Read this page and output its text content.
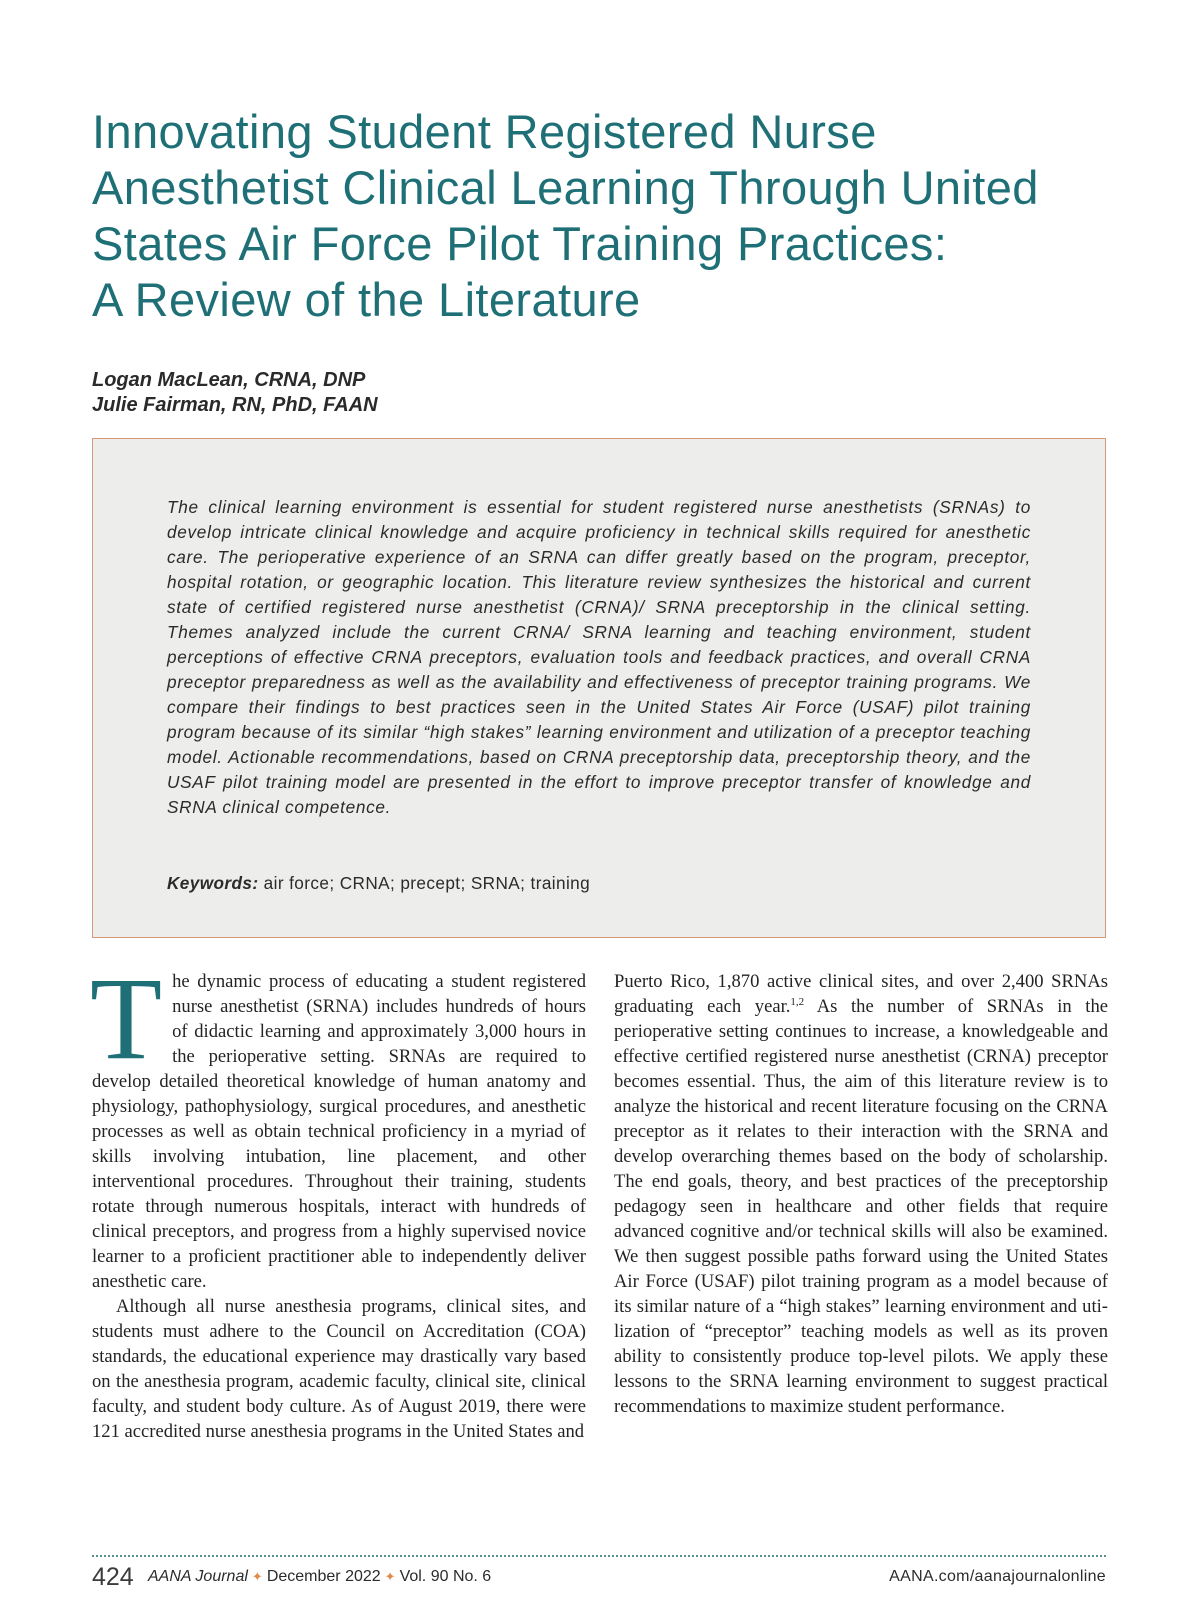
Innovating Student Registered Nurse
Anesthetist Clinical Learning Through United
States Air Force Pilot Training Practices:
A Review of the Literature
Logan MacLean, CRNA, DNP
Julie Fairman, RN, PhD, FAAN

The clinical learning environment is essential for student registered nurse anesthetists (SRNAs) to develop intricate clinical knowledge and acquire proficiency in technical skills required for anesthetic care. The perioperative experience of an SRNA can differ greatly based on the program, preceptor, hospital rotation, or geographic location. This literature review synthesizes the historical and current state of certified registered nurse anesthetist (CRNA)/ SRNA preceptorship in the clinical setting. Themes analyzed include the current CRNA/ SRNA learning and teaching environment, student perceptions of effective CRNA preceptors, evaluation tools and feedback practices, and overall CRNA preceptor preparedness as well as the availability and effectiveness of preceptor training programs. We compare their findings to best practices seen in the United States Air Force (USAF) pilot training program because of its similar “high stakes” learning environment and utilization of a preceptor teaching model. Actionable recommendations, based on CRNA preceptorship data, preceptorship theory, and the USAF pilot training model are presented in the effort to improve preceptor transfer of knowledge and SRNA clinical competence.

Keywords: air force; CRNA; precept; SRNA; training

The dynamic process of educating a student registered nurse anesthetist (SRNA) includes hundreds of hours of didactic learning and approximately 3,000 hours in the perioperative setting. SRNAs are required to develop detailed theoretical knowledge of human anatomy and physiology, pathophysiology, surgical procedures, and anesthetic processes as well as obtain technical proficiency in a myriad of skills involving intubation, line placement, and other interventional procedures. Throughout their training, students rotate through numerous hospitals, interact with hundreds of clinical preceptors, and progress from a highly supervised novice learner to a proficient practitioner able to independently deliver anesthetic care.

Although all nurse anesthesia programs, clinical sites, and students must adhere to the Council on Accreditation (COA) standards, the educational experience may drastically vary based on the anesthesia program, academic faculty, clinical site, clinical faculty, and student body culture. As of August 2019, there were 121 accredited nurse anesthesia programs in the United States and

Puerto Rico, 1,870 active clinical sites, and over 2,400 SRNAs graduating each year.$^{1,2}$ As the number of SRNAs in the perioperative setting continues to increase, a knowledgeable and effective certified registered nurse anesthetist (CRNA) preceptor becomes essential. Thus, the aim of this literature review is to analyze the historical and recent literature focusing on the CRNA preceptor as it relates to their interaction with the SRNA and develop overarching themes based on the body of scholarship. The end goals, theory, and best practices of the preceptorship pedagogy seen in healthcare and other fields that require advanced cognitive and/or technical skills will also be examined. We then suggest possible paths forward using the United States Air Force (USAF) pilot training program as a model because of its similar nature of a “high stakes” learning environment and utilization of “preceptor” teaching models as well as its proven ability to consistently produce top-level pilots. We apply these lessons to the SRNA learning environment to suggest practical recommendations to maximize student performance.

424 AANA Journal ✦ December 2022 ✦ Vol. 90 No. 6	AANA.com/aanajournalonline
